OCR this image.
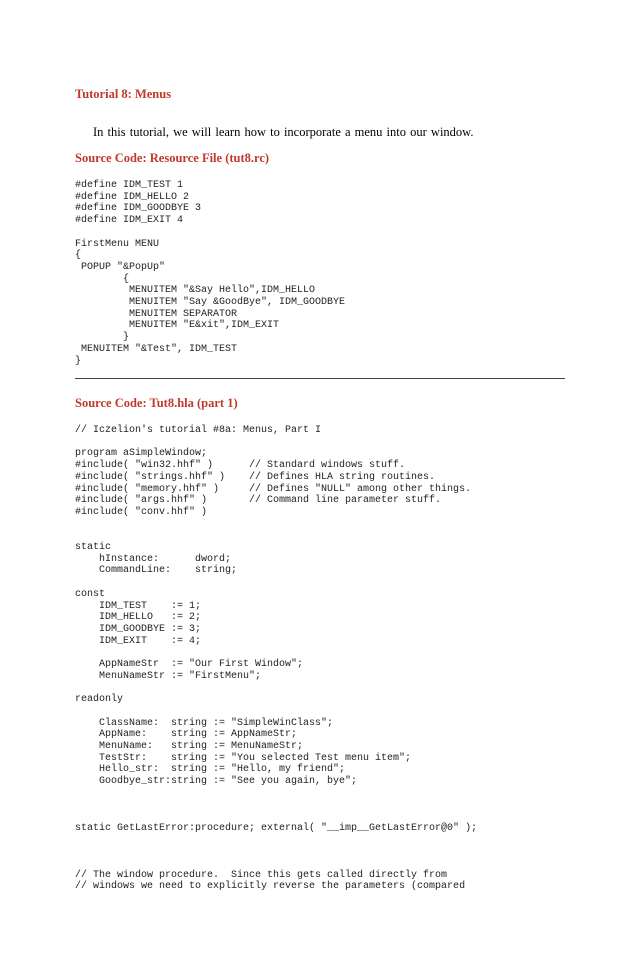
Tutorial 8: Menus

In this tutorial, we will learn how to incorporate a menu into our window.

Source Code: Resource File (tut8.rc)
#define IDM_TEST 1
#define IDM_HELLO 2
#define IDM_GOODBYE 3
#define IDM_EXIT 4

FirstMenu MENU
{
POPUP "&PopUp"
{
MENUITEM "&Say Hello",IDM_HELLO
MENUITEM "Say &GoodBye", IDM_GOODBYE
MENUITEM SEPARATOR
MENUITEM "E&xit",IDM_EXIT
}
MENUITEM "&Test", IDM_TEST
}
Source Code: Tut8.hla (part 1)
// Iczelion's tutorial #8a: Menus, Part I

program aSimpleWindow;
#include( "win32.hhf" )      // Standard windows stuff.
#include( "strings.hhf" )    // Defines HLA string routines.
#include( "memory.hhf" )     // Defines "NULL" among other things.
#include( "args.hhf" )       // Command line parameter stuff.
#include( "conv.hhf" )

static
hInstance:      dword;
CommandLine:    string;

const
IDM_TEST    := 1;
IDM_HELLO   := 2;
IDM_GOODBYE := 3;
IDM_EXIT    := 4;

AppNameStr  := "Our First Window";
MenuNameStr := "FirstMenu";

readonly

ClassName:  string := "SimpleWinClass";
AppName:    string := AppNameStr;
MenuName:   string := MenuNameStr;
TestStr:    string := "You selected Test menu item";
Hello_str:  string := "Hello, my friend";
Goodbye_str:string := "See you again, bye";

static GetLastError:procedure; external( "__imp__GetLastError@0" );

// The window procedure.  Since this gets called directly from
// windows we need to explicitly reverse the parameters (compared
